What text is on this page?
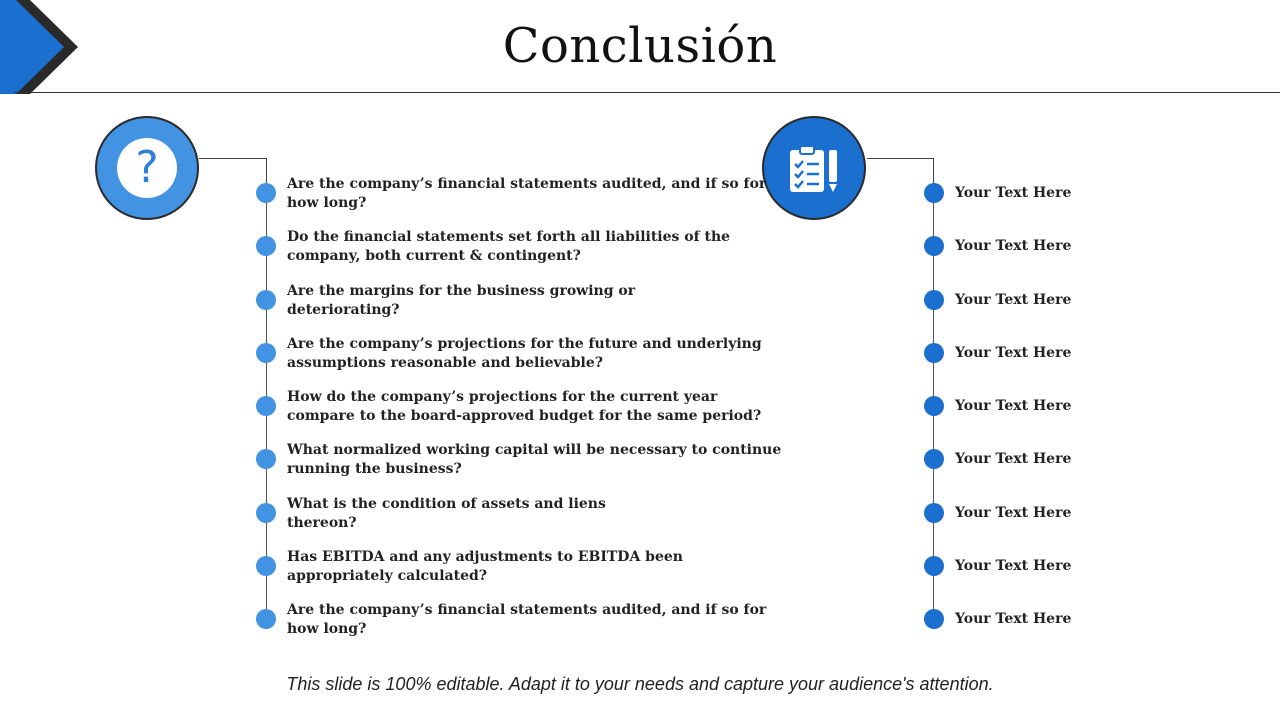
Conclusión
?	Are the company’s financial statements audited, and if so for
how long?
Do the financial statements set forth all liabilities of the
company, both current & contingent?
Are the margins for the business growing or
deteriorating?
Are the company’s projections for the future and underlying
assumptions reasonable and believable?
How do the company’s projections for the current year
compare to the board-approved budget for the same period?
What normalized working capital will be necessary to continue
running the business?
What is the condition of assets and liens
thereon?
Has EBITDA and any adjustments to EBITDA been
appropriately calculated?
Are the company’s financial statements audited, and if so for
how long?
Your Text Here
Your Text Here
Your Text Here
Your Text Here
Your Text Here
Your Text Here
Your Text Here
Your Text Here
Your Text Here
This slide is 100% editable. Adapt it to your needs and capture your audience's attention.
